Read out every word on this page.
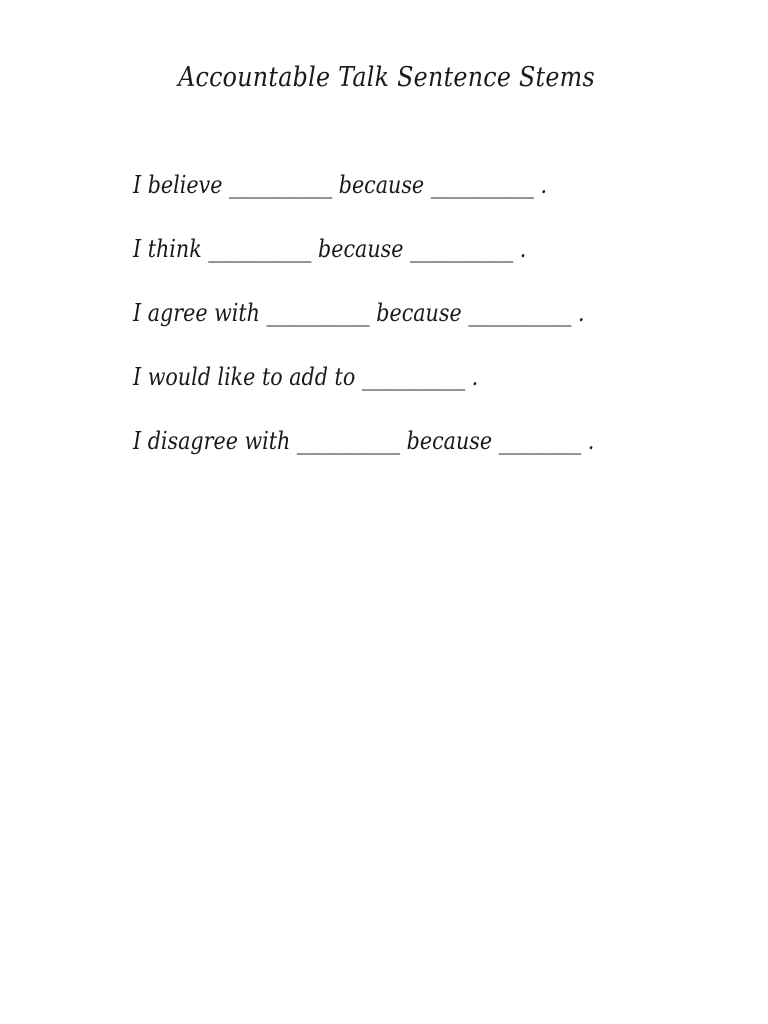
Accountable Talk Sentence Stems
I believe __________ because __________ .
I think __________ because __________ .
I agree with __________ because __________ .
I would like to add to __________ .
I disagree with __________ because ________ .
